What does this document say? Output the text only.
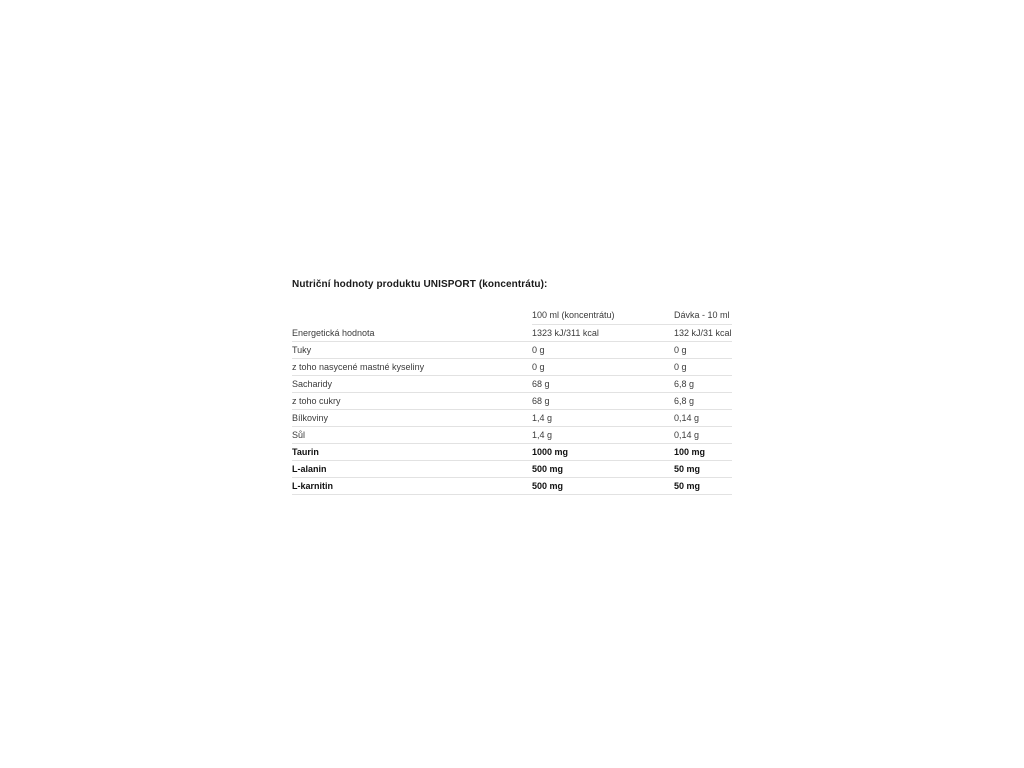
Nutriční hodnoty produktu UNISPORT (koncentrátu):
	100 ml (koncentrátu)	Dávka - 10 ml
Energetická hodnota	1323 kJ/311 kcal	132 kJ/31 kcal
Tuky	0 g	0 g
z toho nasycené mastné kyseliny	0 g	0 g
Sacharidy	68 g	6,8 g
z toho cukry	68 g	6,8 g
Bílkoviny	1,4 g	0,14 g
Sůl	1,4 g	0,14 g
Taurin	1000 mg	100 mg
L-alanin	500 mg	50 mg
L-karnitin	500 mg	50 mg
